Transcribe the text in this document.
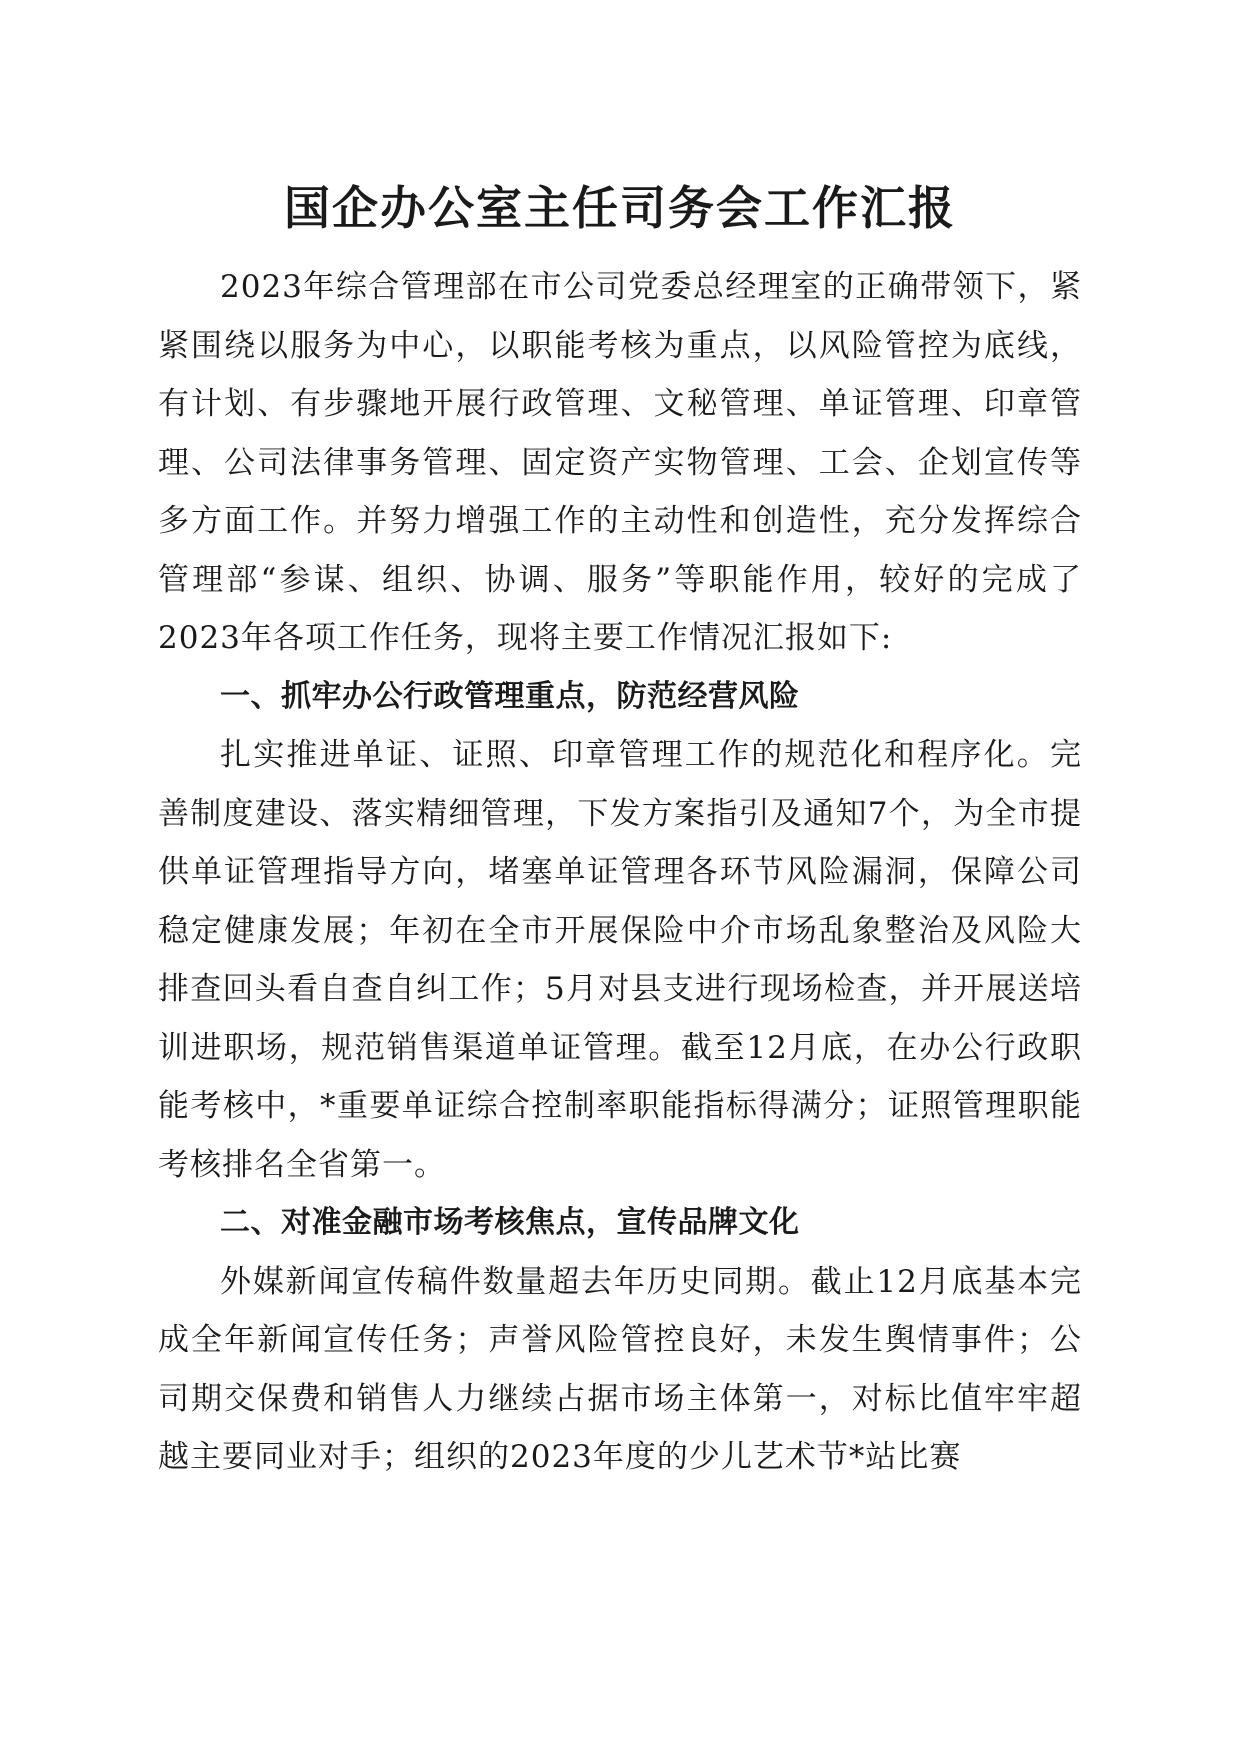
国企办公室主任司务会工作汇报

2023年综合管理部在市公司党委总经理室的正确带领下，紧紧围绕以服务为中心，以职能考核为重点，以风险管控为底线，有计划、有步骤地开展行政管理、文秘管理、单证管理、印章管理、公司法律事务管理、固定资产实物管理、工会、企划宣传等多方面工作。并努力增强工作的主动性和创造性，充分发挥综合管理部“参谋、组织、协调、服务”等职能作用，较好的完成了2023年各项工作任务，现将主要工作情况汇报如下:

一、抓牢办公行政管理重点，防范经营风险

扎实推进单证、证照、印章管理工作的规范化和程序化。完善制度建设、落实精细管理，下发方案指引及通知7个，为全市提供单证管理指导方向，堵塞单证管理各环节风险漏洞，保障公司稳定健康发展；年初在全市开展保险中介市场乱象整治及风险大排查回头看自查自纠工作；5月对县支进行现场检查，并开展送培训进职场，规范销售渠道单证管理。截至12月底，在办公行政职能考核中，*重要单证综合控制率职能指标得满分；证照管理职能考核排名全省第一。

二、对准金融市场考核焦点，宣传品牌文化

外媒新闻宣传稿件数量超去年历史同期。截止12月底基本完成全年新闻宣传任务；声誉风险管控良好，未发生舆情事件；公司期交保费和销售人力继续占据市场主体第一，对标比值牢牢超越主要同业对手；组织的2023年度的少儿艺术节*站比赛
